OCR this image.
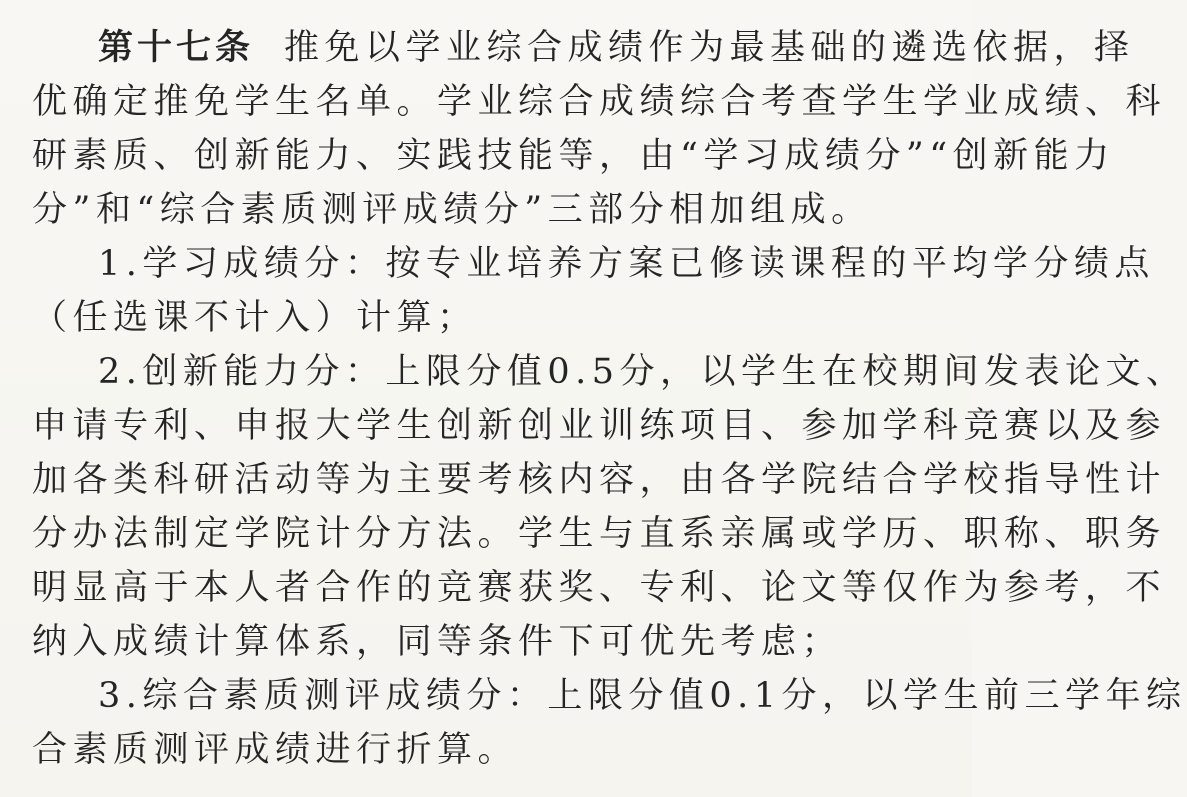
第十七条 推免以学业综合成绩作为最基础的遴选依据，择
优确定推免学生名单。学业综合成绩综合考查学生学业成绩、科
研素质、创新能力、实践技能等，由“学习成绩分”“创新能力
分”和“综合素质测评成绩分”三部分相加组成。
1.学习成绩分：按专业培养方案已修读课程的平均学分绩点
（任选课不计入）计算；
2.创新能力分：上限分值0.5分，以学生在校期间发表论文、
申请专利、申报大学生创新创业训练项目、参加学科竞赛以及参
加各类科研活动等为主要考核内容，由各学院结合学校指导性计
分办法制定学院计分方法。学生与直系亲属或学历、职称、职务
明显高于本人者合作的竞赛获奖、专利、论文等仅作为参考，不
纳入成绩计算体系，同等条件下可优先考虑；
3.综合素质测评成绩分：上限分值0.1分，以学生前三学年综
合素质测评成绩进行折算。
